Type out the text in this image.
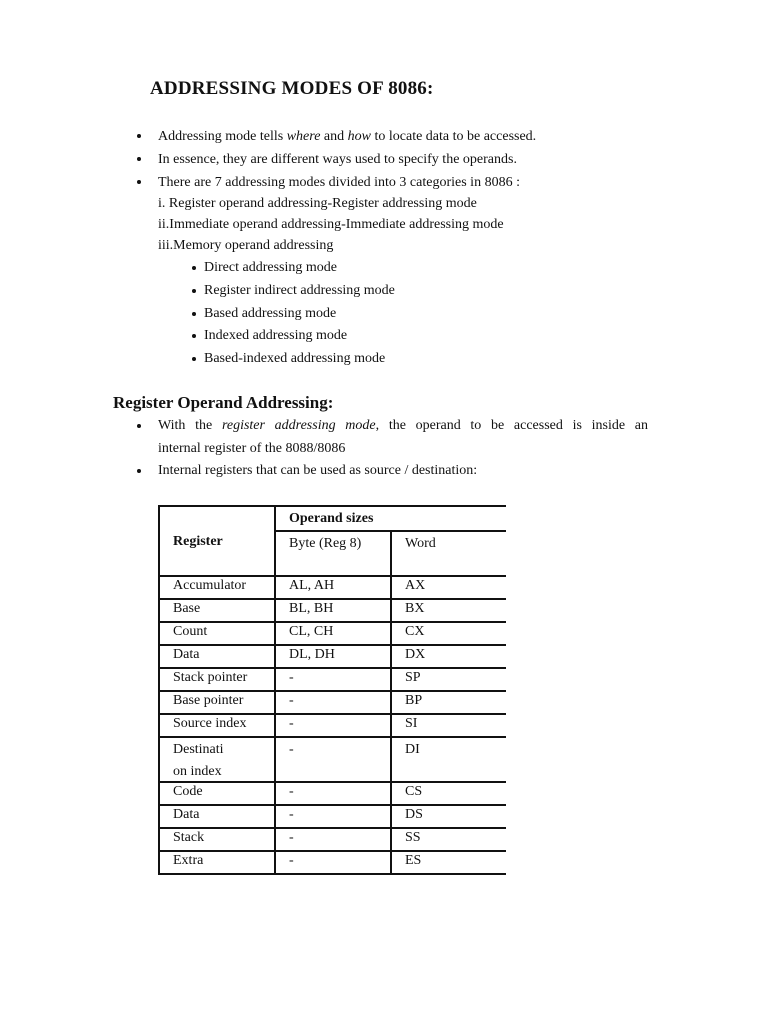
ADDRESSING MODES OF 8086:
Addressing mode tells where and how to locate data to be accessed.
In essence, they are different ways used to specify the operands.
There are 7 addressing modes divided into 3 categories in 8086 :
i. Register operand addressing-Register addressing mode
ii.Immediate operand addressing-Immediate addressing mode
iii.Memory operand addressing
Direct addressing mode
Register indirect addressing mode
Based addressing mode
Indexed addressing mode
Based-indexed addressing mode
Register Operand Addressing:
With the register addressing mode, the operand to be accessed is inside an
internal register of the 8088/8086
Internal registers that can be used as source / destination:
Register	Operand sizes	
	Byte (Reg 8)	Word
Accumulator	AL, AH	AX
Base	BL, BH	BX
Count	CL, CH	CX
Data	DL, DH	DX
Stack pointer	-	SP
Base pointer	-	BP
Source index	-	SI

Destinati
on index	-	DI
Code	-	CS
Data	-	DS
Stack	-	SS
Extra	-	ES
